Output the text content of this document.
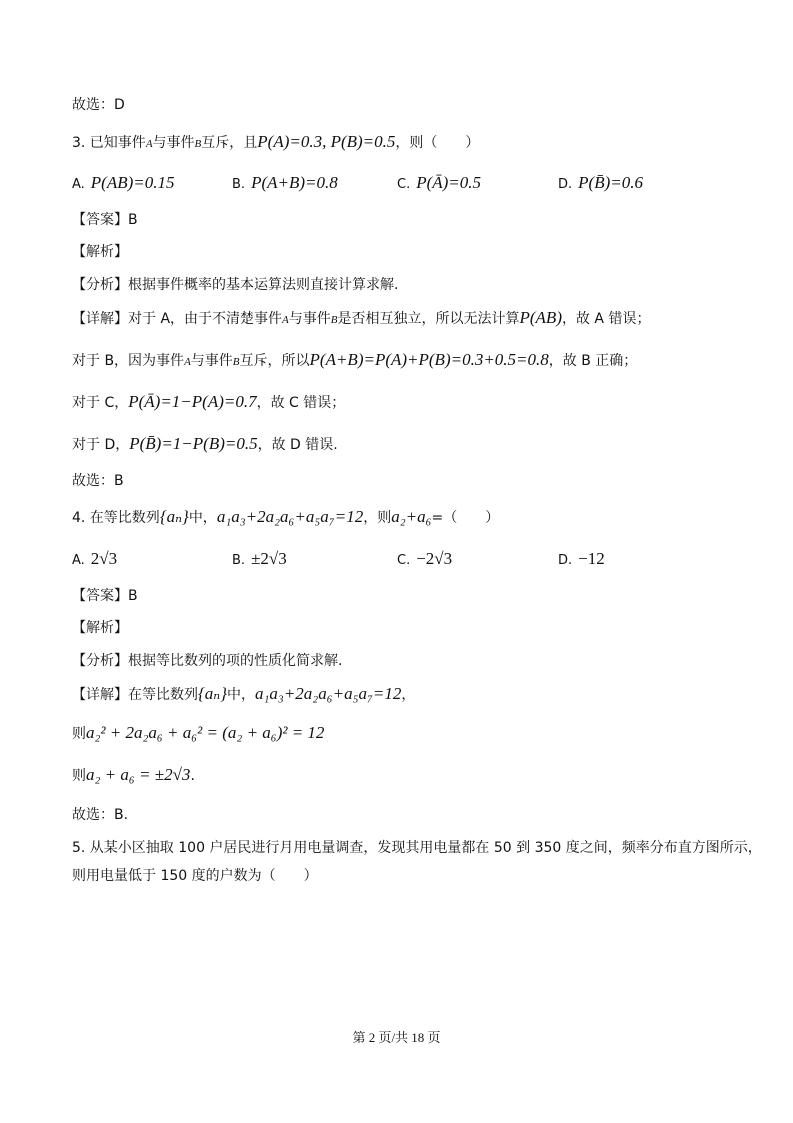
故选：D
3. 已知事件A与事件B互斥，且P(A)=0.3, P(B)=0.5，则（　　）
A. P(AB)=0.15	B. P(A+B)=0.8	C. P(Ā)=0.5	D. P(B̄)=0.6
【答案】B
【解析】
【分析】根据事件概率的基本运算法则直接计算求解.
【详解】对于 A，由于不清楚事件A与事件B是否相互独立，所以无法计算P(AB)，故 A 错误；
对于 B，因为事件A与事件B互斥，所以P(A+B)=P(A)+P(B)=0.3+0.5=0.8，故 B 正确；
对于 C，P(Ā)=1−P(A)=0.7，故 C 错误；
对于 D，P(B̄)=1−P(B)=0.5，故 D 错误.
故选：B
4. 在等比数列{aₙ}中，a₁a₃+2a₂a₆+a₅a₇=12，则a₂+a₆=（　　）
A. 2√3	B. ±2√3	C. −2√3	D. −12
【答案】B
【解析】
【分析】根据等比数列的项的性质化简求解.
【详解】在等比数列{aₙ}中，a₁a₃+2a₂a₆+a₅a₇=12，
则a₂² + 2a₂a₆ + a₆² = (a₂ + a₆)² = 12
则a₂ + a₆ = ±2√3.
故选：B.
5. 从某小区抽取 100 户居民进行月用电量调查，发现其用电量都在 50 到 350 度之间，频率分布直方图所示，
则用电量低于 150 度的户数为（　　）
第 2 页/共 18 页
